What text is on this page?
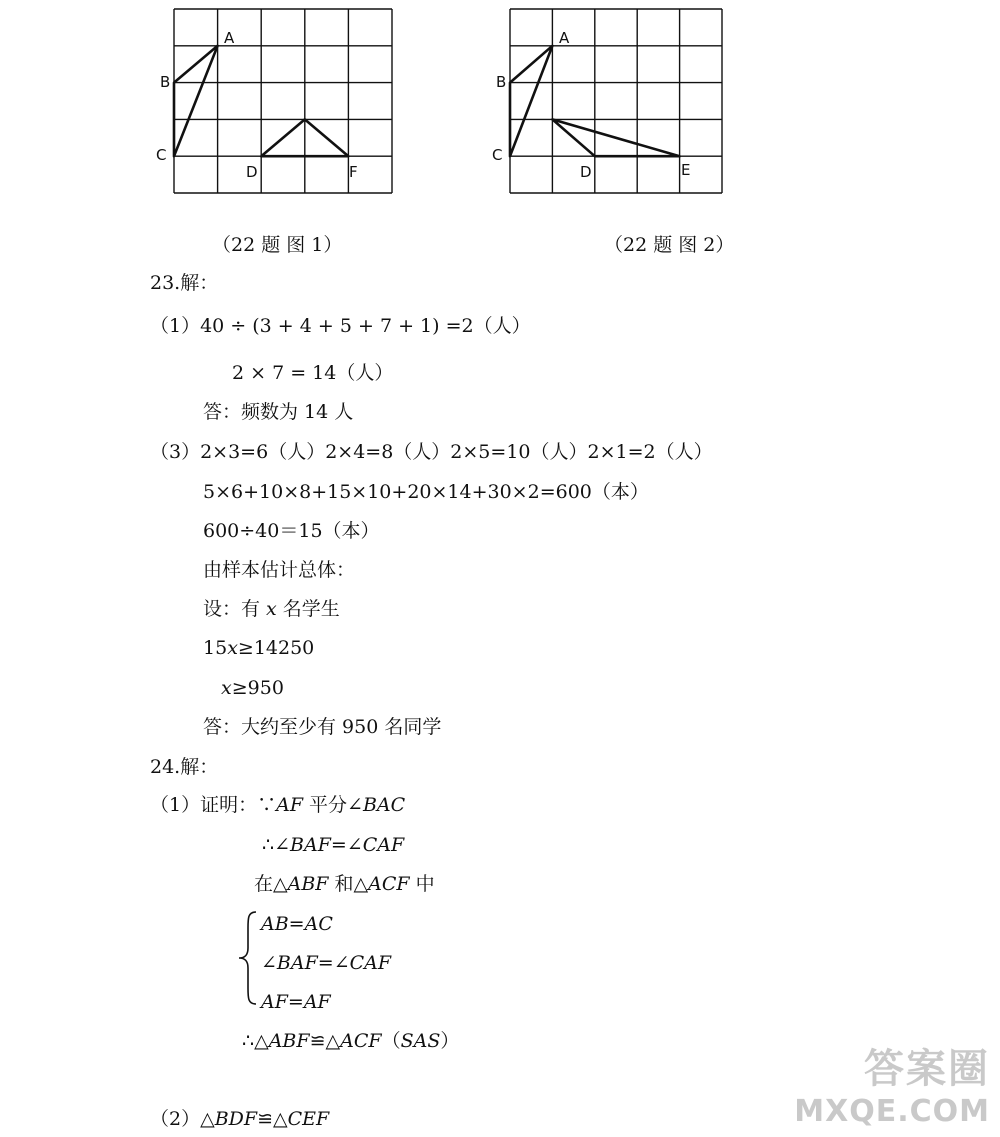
A
B
C
D	F
A
B
C
D	E
（22 题 图 1）	（22 题 图 2）
23.解：
（1）40 ÷ (3 + 4 + 5 + 7 + 1) =2（人）
2 × 7 = 14（人）
答：频数为 14 人
（3）2×3=6（人）2×4=8（人）2×5=10（人）2×1=2（人）
5×6+10×8+15×10+20×14+30×2=600（本）
600÷40＝15（本）
由样本估计总体：
设：有 x 名学生
15x≥14250
x≥950
答：大约至少有 950 名同学
24.解：
（1）证明：∵AF 平分∠BAC
∴∠BAF=∠CAF
在△ABF 和△ACF 中
AB=AC
∠BAF=∠CAF
AF=AF
∴△ABF≌△ACF（SAS）
（2）△BDF≌△CEF
答案圈
MXQE.COM
